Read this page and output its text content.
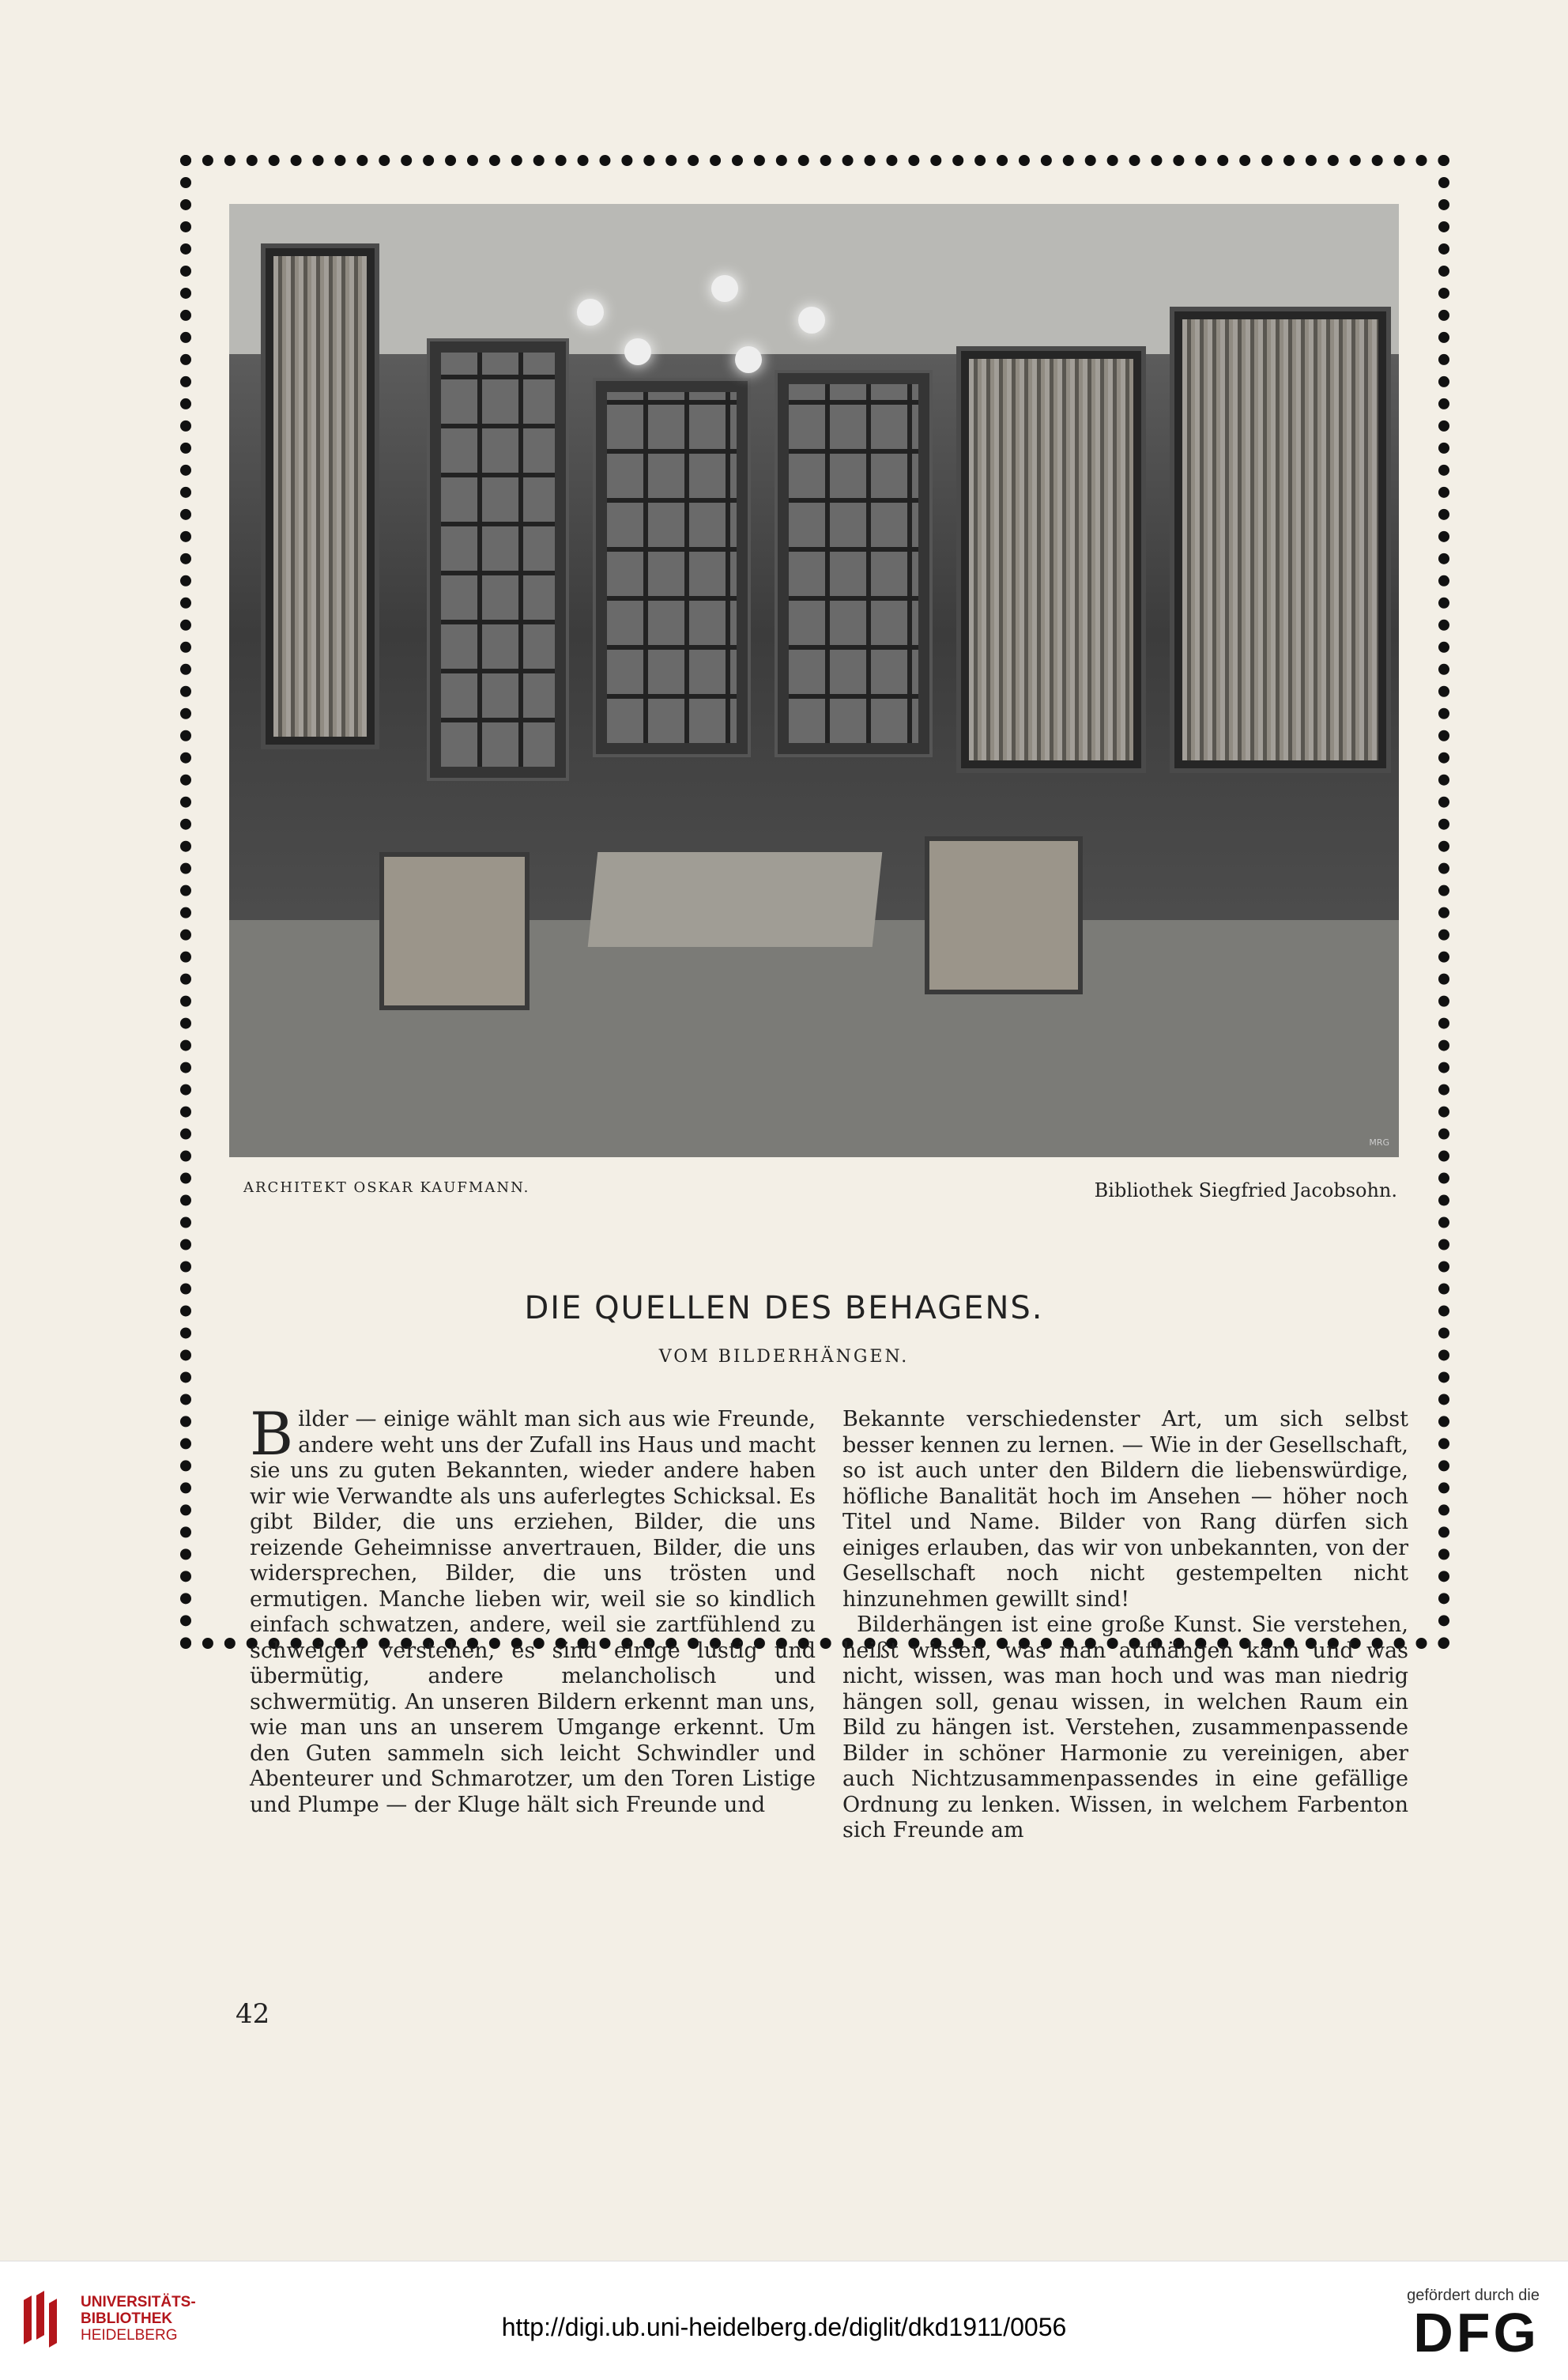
MRG
ARCHITEKT OSKAR KAUFMANN.	Bibliothek Siegfried Jacobsohn.
DIE QUELLEN DES BEHAGENS.
VOM BILDERHÄNGEN.

Bilder — einige wählt man sich aus wie Freunde, andere weht uns der Zufall ins Haus und macht sie uns zu guten Bekannten, wieder andere haben wir wie Verwandte als uns auferlegtes Schicksal. Es gibt Bilder, die uns erziehen, Bilder, die uns reizende Geheimnisse anvertrauen, Bilder, die uns widersprechen, Bilder, die uns trösten und ermutigen. Manche lieben wir, weil sie so kindlich einfach schwatzen, andere, weil sie zartfühlend zu schweigen verstehen, es sind einige lustig und übermütig, andere melancholisch und schwermütig. An unseren Bildern erkennt man uns, wie man uns an unserem Umgange erkennt. Um den Guten sammeln sich leicht Schwindler und Abenteurer und Schmarotzer, um den Toren Listige und Plumpe — der Kluge hält sich Freunde und

Bekannte verschiedenster Art, um sich selbst besser kennen zu lernen. — Wie in der Gesellschaft, so ist auch unter den Bildern die liebenswürdige, höfliche Banalität hoch im Ansehen — höher noch Titel und Name. Bilder von Rang dürfen sich einiges erlauben, das wir von unbekannten, von der Gesellschaft noch nicht gestempelten nicht hinzunehmen gewillt sind!

Bilderhängen ist eine große Kunst. Sie verstehen, heißt wissen, was man aufhängen kann und was nicht, wissen, was man hoch und was man niedrig hängen soll, genau wissen, in welchen Raum ein Bild zu hängen ist. Verstehen, zusammenpassende Bilder in schöner Harmonie zu vereinigen, aber auch Nichtzusammenpassendes in eine gefällige Ordnung zu lenken. Wissen, in welchem Farbenton sich Freunde am

42
UNIVERSITÄTS-
BIBLIOTHEK
HEIDELBERG	http://digi.ub.uni-heidelberg.de/diglit/dkd1911/0056
gefördert durch die
DFG
